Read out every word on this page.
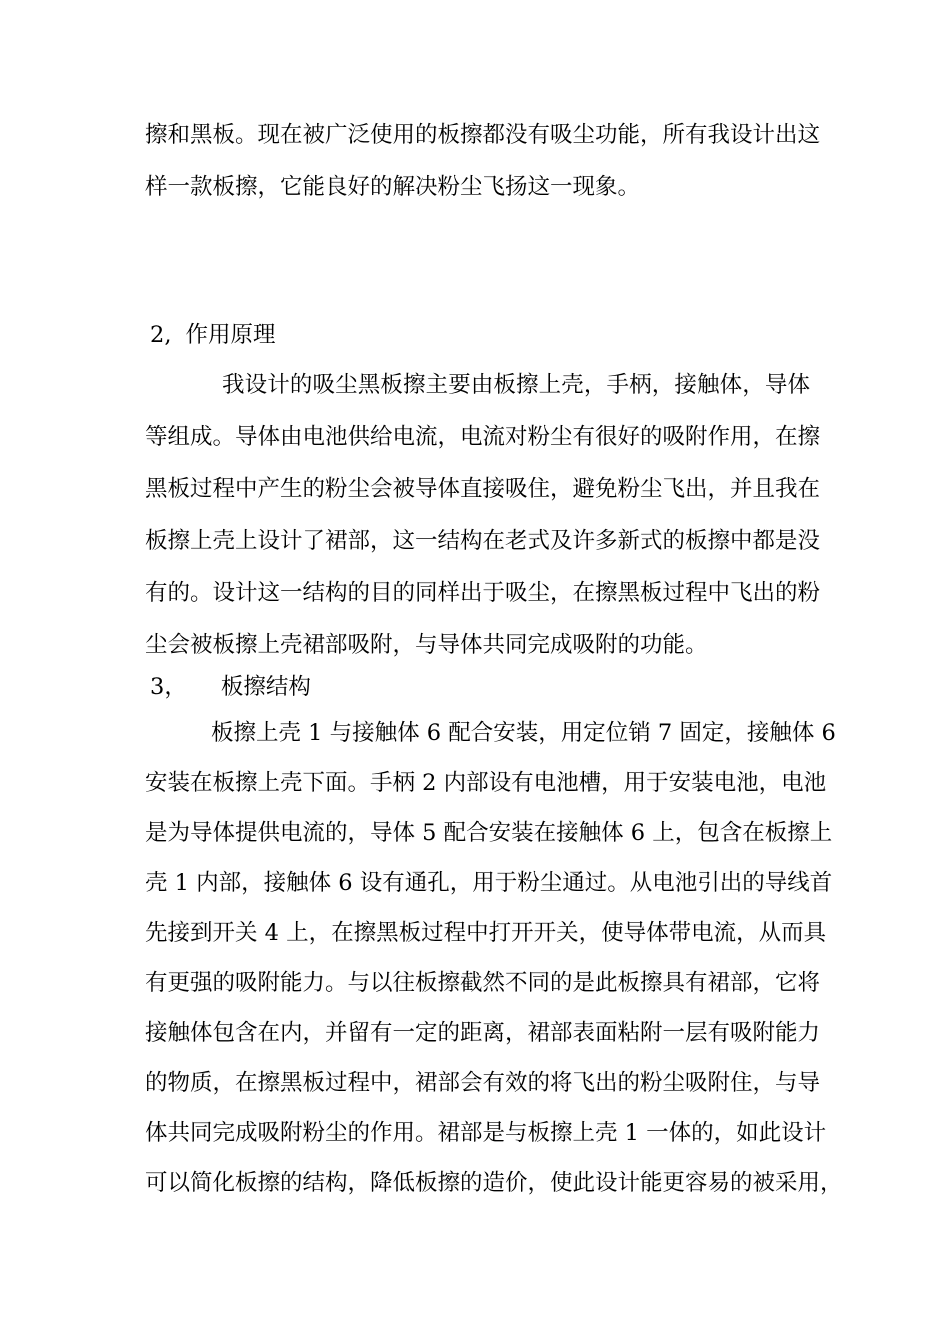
擦和黑板。现在被广泛使用的板擦都没有吸尘功能，所有我设计出这
样一款板擦，它能良好的解决粉尘飞扬这一现象。
2, 作用原理
我设计的吸尘黑板擦主要由板擦上壳，手柄，接触体，导体
等组成。导体由电池供给电流，电流对粉尘有很好的吸附作用，在擦
黑板过程中产生的粉尘会被导体直接吸住，避免粉尘飞出，并且我在
板擦上壳上设计了裙部，这一结构在老式及许多新式的板擦中都是没
有的。设计这一结构的目的同样出于吸尘，在擦黑板过程中飞出的粉
尘会被板擦上壳裙部吸附，与导体共同完成吸附的功能。
3， 板擦结构
板擦上壳 1 与接触体 6 配合安装，用定位销 7 固定，接触体 6
安装在板擦上壳下面。手柄 2 内部设有电池槽，用于安装电池，电池
是为导体提供电流的，导体 5 配合安装在接触体 6 上，包含在板擦上
壳 1 内部，接触体 6 设有通孔，用于粉尘通过。从电池引出的导线首
先接到开关 4 上，在擦黑板过程中打开开关，使导体带电流，从而具
有更强的吸附能力。与以往板擦截然不同的是此板擦具有裙部，它将
接触体包含在内，并留有一定的距离，裙部表面粘附一层有吸附能力
的物质，在擦黑板过程中，裙部会有效的将飞出的粉尘吸附住，与导
体共同完成吸附粉尘的作用。裙部是与板擦上壳 1 一体的，如此设计
可以简化板擦的结构，降低板擦的造价，使此设计能更容易的被采用，
